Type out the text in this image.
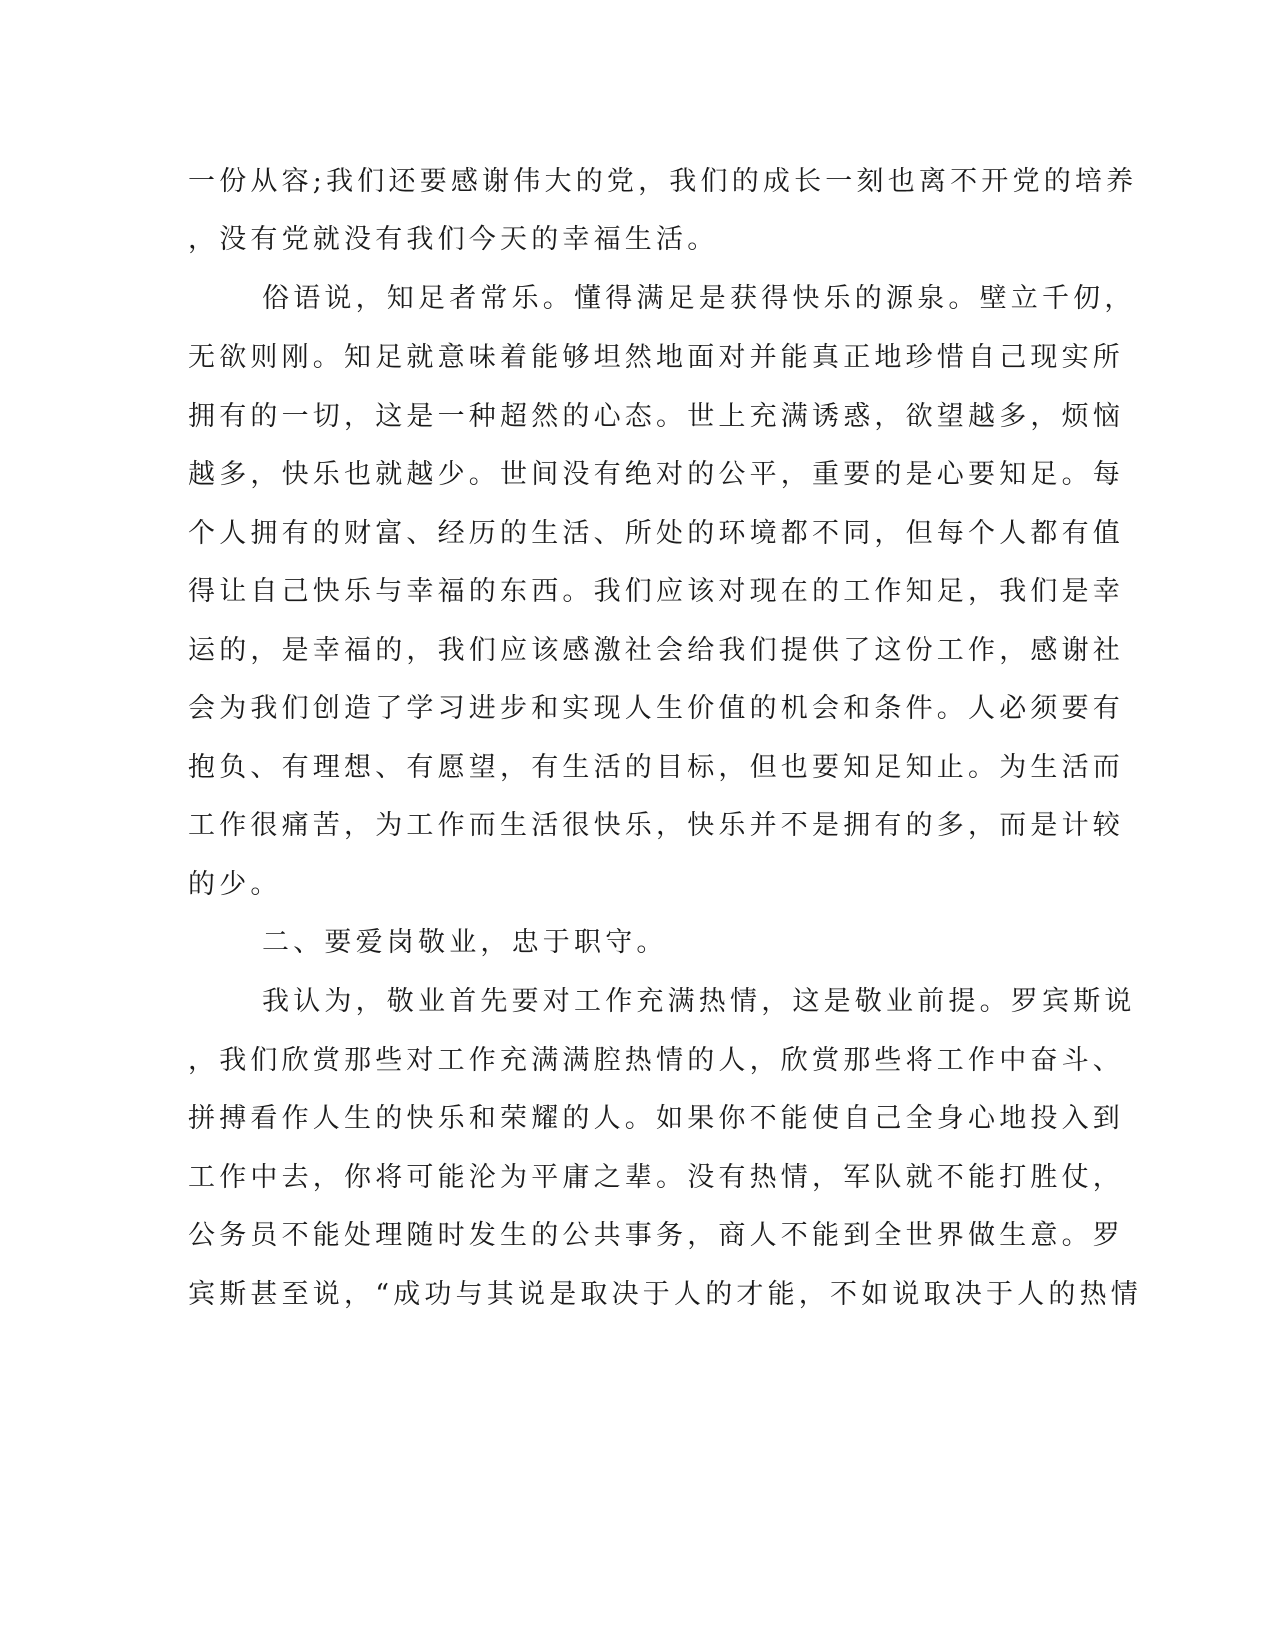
一份从容;我们还要感谢伟大的党，我们的成长一刻也离不开党的培养
，没有党就没有我们今天的幸福生活。
俗语说，知足者常乐。懂得满足是获得快乐的源泉。壁立千仞，
无欲则刚。知足就意味着能够坦然地面对并能真正地珍惜自己现实所
拥有的一切，这是一种超然的心态。世上充满诱惑，欲望越多，烦恼
越多，快乐也就越少。世间没有绝对的公平，重要的是心要知足。每
个人拥有的财富、经历的生活、所处的环境都不同，但每个人都有值
得让自己快乐与幸福的东西。我们应该对现在的工作知足，我们是幸
运的，是幸福的，我们应该感激社会给我们提供了这份工作，感谢社
会为我们创造了学习进步和实现人生价值的机会和条件。人必须要有
抱负、有理想、有愿望，有生活的目标，但也要知足知止。为生活而
工作很痛苦，为工作而生活很快乐，快乐并不是拥有的多，而是计较
的少。
二、要爱岗敬业，忠于职守。
我认为，敬业首先要对工作充满热情，这是敬业前提。罗宾斯说
，我们欣赏那些对工作充满满腔热情的人，欣赏那些将工作中奋斗、
拼搏看作人生的快乐和荣耀的人。如果你不能使自己全身心地投入到
工作中去，你将可能沦为平庸之辈。没有热情，军队就不能打胜仗，
公务员不能处理随时发生的公共事务，商人不能到全世界做生意。罗
宾斯甚至说，“成功与其说是取决于人的才能，不如说取决于人的热情
